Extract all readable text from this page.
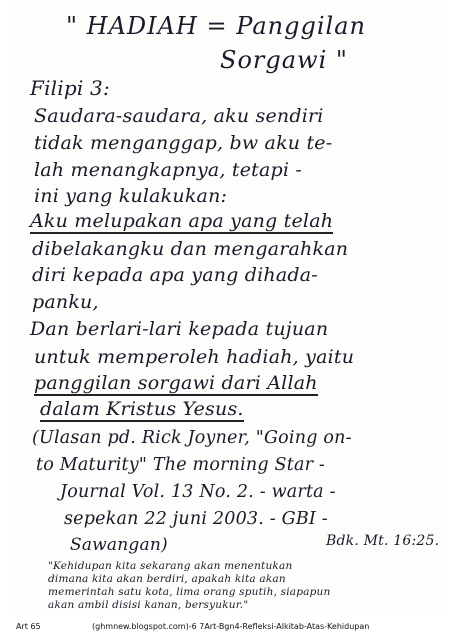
" HADIAH = Panggilan

Sorgawi "

Filipi 3:

Saudara-saudara, aku sendiri

tidak menganggap, bw aku te-

lah menangkapnya, tetapi -

ini yang kulakukan:

Aku melupakan apa yang telah

dibelakangku dan mengarahkan

diri kepada apa yang dihada-

panku,

Dan berlari-lari kepada tujuan

untuk memperoleh hadiah, yaitu

panggilan sorgawi dari Allah

dalam Kristus Yesus.

(Ulasan pd. Rick Joyner, "Going on-

to Maturity" The morning Star -

Journal Vol. 13 No. 2. - warta -

sepekan 22 juni 2003. - GBI -

Bdk. Mt. 16:25.

Sawangan)

"Kehidupan kita sekarang akan menentukan

dimana kita akan berdiri, apakah kita akan

memerintah satu kota, lima orang sputih, siapapun

akan ambil disisi kanan, bersyukur."

Art 65	(ghmnew.blogspot.com)-6 7Art-Bgn4-Refleksi-Alkitab-Atas-Kehidupan
